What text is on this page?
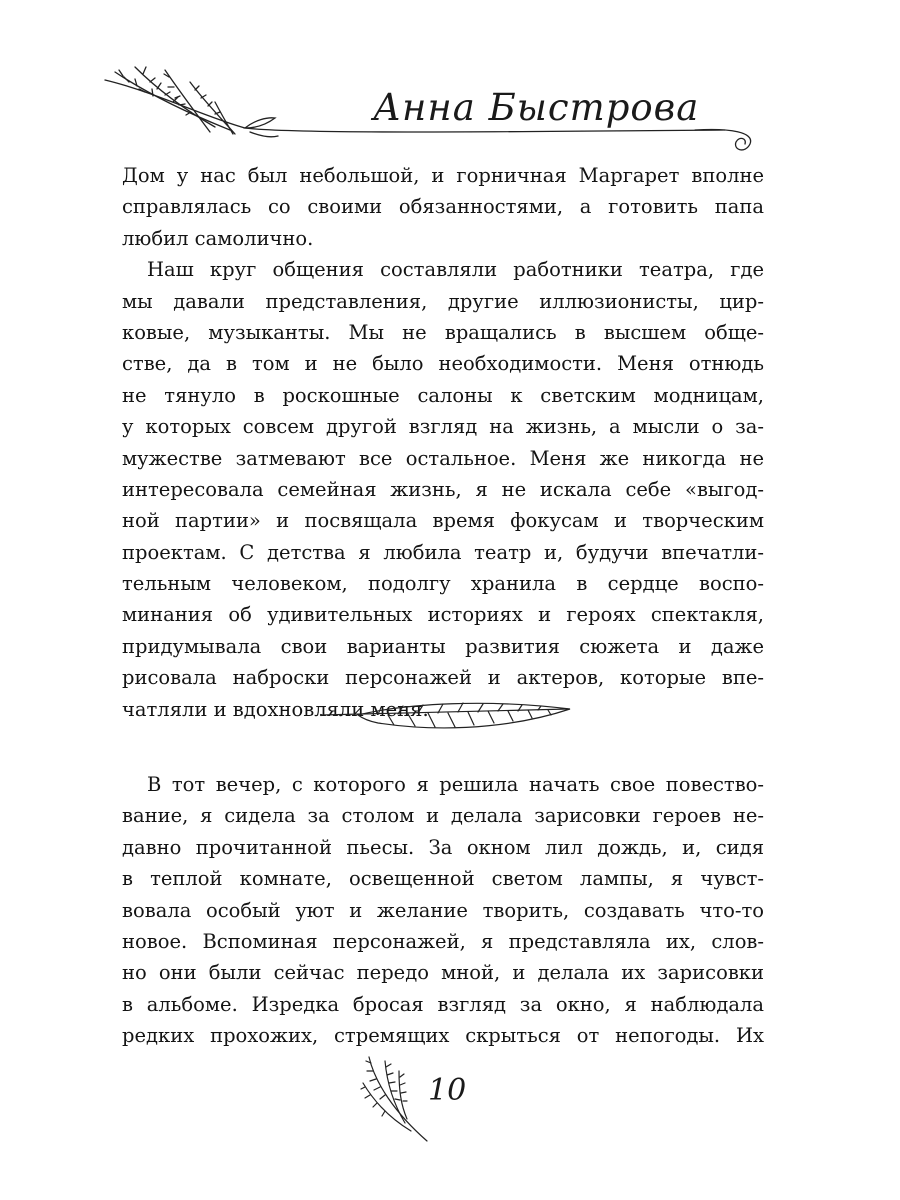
Анна Быстрова
Дом у нас был небольшой, и горничная Маргарет вполне
справлялась со своими обязанностями, а готовить папа
любил самолично.
Наш круг общения составляли работники театра, где
мы давали представления, другие иллюзионисты, цир-
ковые, музыканты. Мы не вращались в высшем обще-
стве, да в том и не было необходимости. Меня отнюдь
не тянуло в роскошные салоны к светским модницам,
у которых совсем другой взгляд на жизнь, а мысли о за-
мужестве затмевают все остальное. Меня же никогда не
интересовала семейная жизнь, я не искала себе «выгод-
ной партии» и посвящала время фокусам и творческим
проектам. С детства я любила театр и, будучи впечатли-
тельным человеком, подолгу хранила в сердце воспо-
минания об удивительных историях и героях спектакля,
придумывала свои варианты развития сюжета и даже
рисовала наброски персонажей и актеров, которые впе-
чатляли и вдохновляли меня.
В тот вечер, с которого я решила начать свое повество-
вание, я сидела за столом и делала зарисовки героев не-
давно прочитанной пьесы. За окном лил дождь, и, сидя
в теплой комнате, освещенной светом лампы, я чувст-
вовала особый уют и желание творить, создавать что-то
новое. Вспоминая персонажей, я представляла их, слов-
но они были сейчас передо мной, и делала их зарисовки
в альбоме. Изредка бросая взгляд за окно, я наблюдала
редких прохожих, стремящих скрыться от непогоды. Их
10
